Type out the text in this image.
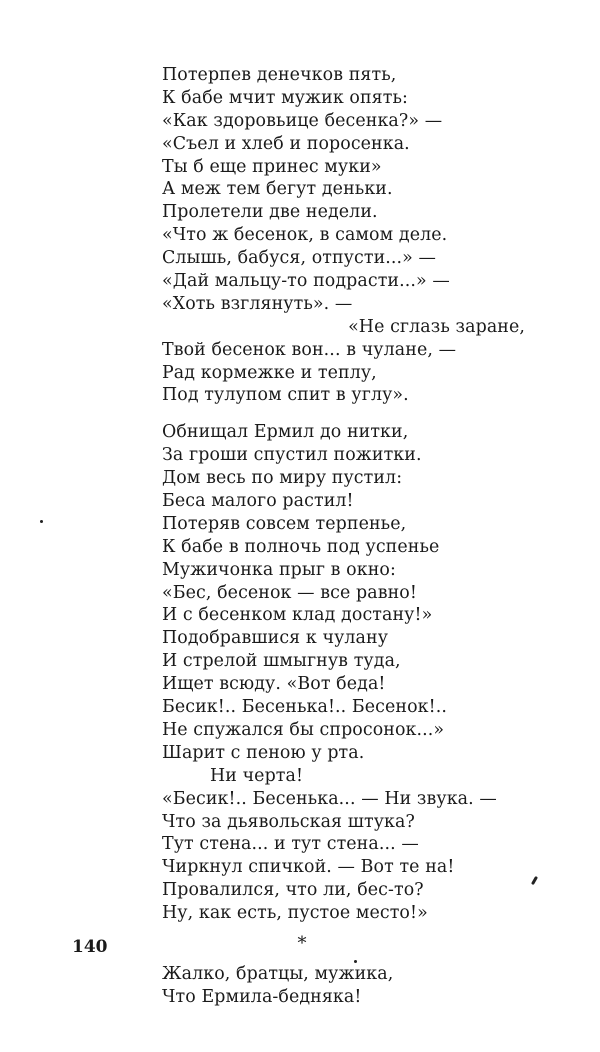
Потерпев денечков пять,
К бабе мчит мужик опять:
«Как здоровьице бесенка?» —
«Съел и хлеб и поросенка.
Ты б еще принес муки»
А меж тем бегут деньки.
Пролетели две недели.
«Что ж бесенок, в самом деле.
Слышь, бабуся, отпусти...» —
«Дай мальцу-то подрасти...» —
«Хоть взглянуть». —
«Не сглазь заране,
Твой бесенок вон... в чулане, —
Рад кормежке и теплу,
Под тулупом спит в углу».
Обнищал Ермил до нитки,
За гроши спустил пожитки.
Дом весь по миру пустил:
Беса малого растил!
Потеряв совсем терпенье,
К бабе в полночь под успенье
Мужичонка прыг в окно:
«Бес, бесенок — все равно!
И с бесенком клад достану!»
Подобравшися к чулану
И стрелой шмыгнув туда,
Ищет всюду. «Вот беда!
Бесик!.. Бесенька!.. Бесенок!..
Не спужался бы спросонок...»
Шарит с пеною у рта.
Ни черта!
«Бесик!.. Бесенька... — Ни звука. —
Что за дьявольская штука?
Тут стена... и тут стена... —
Чиркнул спичкой. — Вот те на!
Провалился, что ли, бес-то?
Ну, как есть, пустое место!»
*
Жалко, братцы, мужика,
Что Ермила-бедняка!
140
